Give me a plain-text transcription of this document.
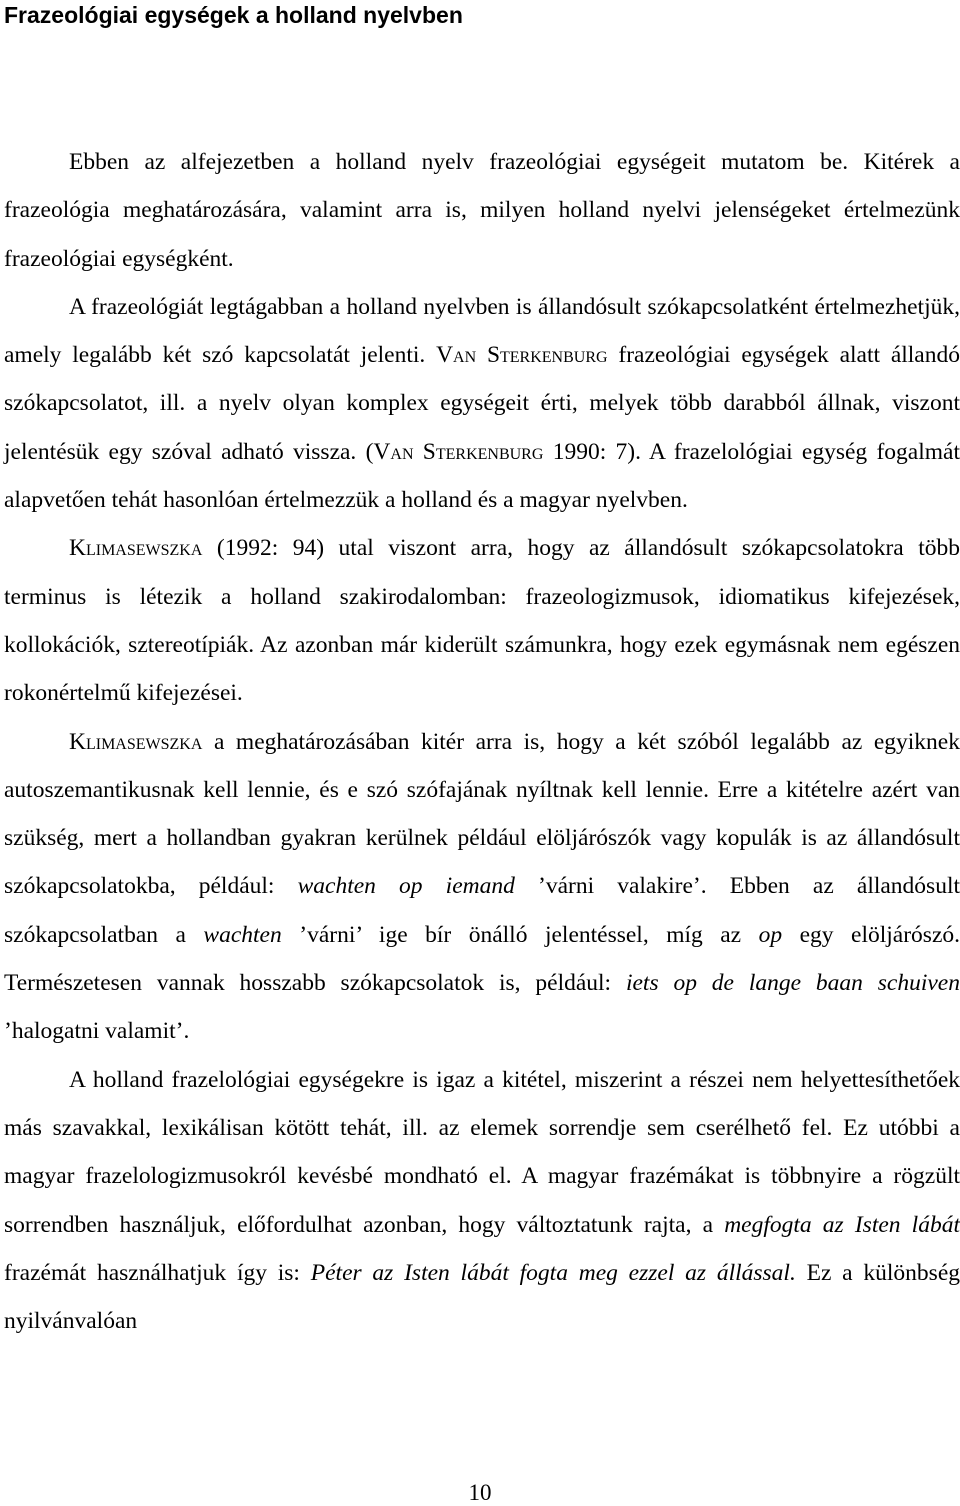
Frazeológiai egységek a holland nyelvben

Ebben az alfejezetben a holland nyelv frazeológiai egységeit mutatom be. Kitérek a frazeológia meghatározására, valamint arra is, milyen holland nyelvi jelenségeket értelmezünk frazeológiai egységként.

A frazeológiát legtágabban a holland nyelvben is állandósult szókapcsolatként értelmezhetjük, amely legalább két szó kapcsolatát jelenti. Van Sterkenburg frazeológiai egységek alatt állandó szókapcsolatot, ill. a nyelv olyan komplex egységeit érti, melyek több darabból állnak, viszont jelentésük egy szóval adható vissza. (Van Sterkenburg 1990: 7). A frazelológiai egység fogalmát alapvetően tehát hasonlóan értelmezzük a holland és a magyar nyelvben.

Klimasewszka (1992: 94) utal viszont arra, hogy az állandósult szókapcsolatokra több terminus is létezik a holland szakirodalomban: frazeologizmusok, idiomatikus kifejezések, kollokációk, sztereotípiák. Az azonban már kiderült számunkra, hogy ezek egymásnak nem egészen rokonértelmű kifejezései.

Klimasewszka a meghatározásában kitér arra is, hogy a két szóból legalább az egyiknek autoszemantikusnak kell lennie, és e szó szófajának nyíltnak kell lennie. Erre a kitételre azért van szükség, mert a hollandban gyakran kerülnek például elöljárószók vagy kopulák is az állandósult szókapcsolatokba, például: wachten op iemand ’várni valakire’. Ebben az állandósult szókapcsolatban a wachten ’várni’ ige bír önálló jelentéssel, míg az op egy elöljárószó. Természetesen vannak hosszabb szókapcsolatok is, például: iets op de lange baan schuiven ’halogatni valamit’.

A holland frazelológiai egységekre is igaz a kitétel, miszerint a részei nem helyettesíthetőek más szavakkal, lexikálisan kötött tehát, ill. az elemek sorrendje sem cserélhető fel. Ez utóbbi a magyar frazelologizmusokról kevésbé mondható el. A magyar frazémákat is többnyire a rögzült sorrendben használjuk, előfordulhat azonban, hogy változtatunk rajta, a megfogta az Isten lábát frazémát használhatjuk így is: Péter az Isten lábát fogta meg ezzel az állással. Ez a különbség nyilvánvalóan

10
